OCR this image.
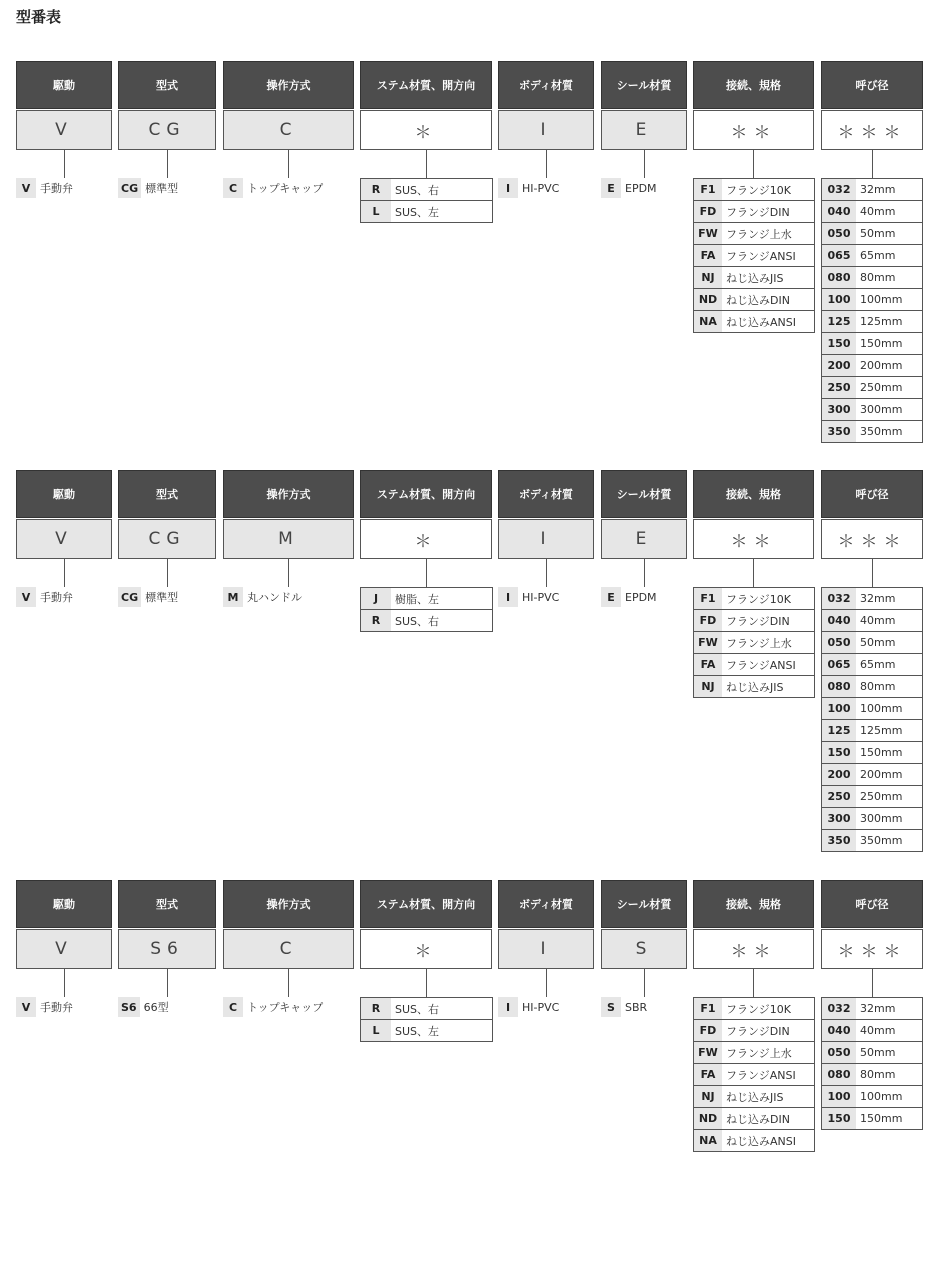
型番表
駆動
V
V 手動弁
型式
CG
CG 標準型
操作方式
C
C トップキャップ
ステム材質、開方向
＊
R	SUS、右
L	SUS、左
ボディ材質
I
I	HI-PVC
シール材質
E
E EPDM
接続、規格
＊＊
F1 フランジ10K
FD フランジDIN
FW フランジ上水
FA フランジANSI
NJ	ねじ込みJIS
ND ねじ込みDIN
NA ねじ込みANSI
呼び径
＊＊＊
032 32mm
040 40mm
050 50mm
065 65mm
080 80mm
100 100mm
125 125mm
150 150mm
200 200mm
250 250mm
300 300mm
350 350mm
駆動
V
V 手動弁
型式
CG
CG 標準型
操作方式
M
M 丸ハンドル
ステム材質、開方向
＊
J	樹脂、左
R	SUS、右
ボディ材質
I
I	HI-PVC
シール材質
E
E EPDM
接続、規格
＊＊
F1 フランジ10K
FD フランジDIN
FW フランジ上水
FA フランジANSI
NJ	ねじ込みJIS
呼び径
＊＊＊
032 32mm
040 40mm
050 50mm
065 65mm
080 80mm
100 100mm
125 125mm
150 150mm
200 200mm
250 250mm
300 300mm
350 350mm
駆動
V
V 手動弁
型式
S6
S6 66型
操作方式
C
C トップキャップ
ステム材質、開方向
＊
R	SUS、右
L	SUS、左
ボディ材質
I
I	HI-PVC
シール材質
S
S SBR
接続、規格
＊＊
F1 フランジ10K
FD フランジDIN
FW フランジ上水
FA フランジANSI
NJ	ねじ込みJIS
ND ねじ込みDIN
NA ねじ込みANSI
呼び径
＊＊＊
032 32mm
040 40mm
050 50mm
080 80mm
100 100mm
150 150mm
